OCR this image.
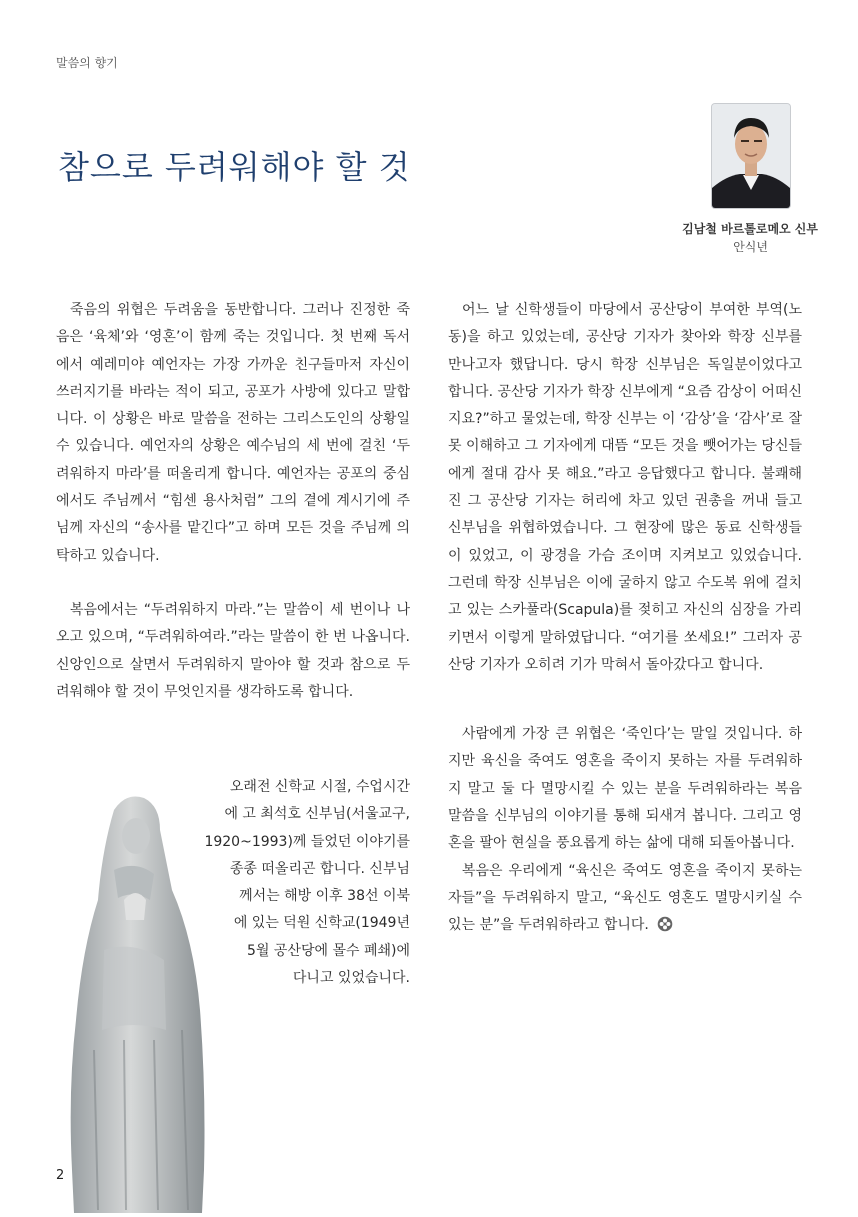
말씀의 향기
참으로 두려워해야 할 것
김남철 바르톨로메오 신부
안식년

죽음의 위협은 두려움을 동반합니다. 그러나 진정한 죽음은 ‘육체’와 ‘영혼’이 함께 죽는 것입니다. 첫 번째 독서에서 예레미야 예언자는 가장 가까운 친구들마저 자신이 쓰러지기를 바라는 적이 되고, 공포가 사방에 있다고 말합니다. 이 상황은 바로 말씀을 전하는 그리스도인의 상황일 수 있습니다. 예언자의 상황은 예수님의 세 번에 걸친 ‘두려워하지 마라’를 떠올리게 합니다. 예언자는 공포의 중심에서도 주님께서 “힘센 용사처럼” 그의 곁에 계시기에 주님께 자신의 “송사를 맡긴다”고 하며 모든 것을 주님께 의탁하고 있습니다.

복음에서는 “두려워하지 마라.”는 말씀이 세 번이나 나오고 있으며, “두려워하여라.”라는 말씀이 한 번 나옵니다. 신앙인으로 살면서 두려워하지 말아야 할 것과 참으로 두려워해야 할 것이 무엇인지를 생각하도록 합니다.

오래전 신학교 시절, 수업시간
에 고 최석호 신부님(서울교구,
1920~1993)께 들었던 이야기를
종종 떠올리곤 합니다. 신부님
께서는 해방 이후 38선 이북
에 있는 덕원 신학교(1949년
5월 공산당에 몰수 폐쇄)에
다니고 있었습니다.

어느 날 신학생들이 마당에서 공산당이 부여한 부역(노동)을 하고 있었는데, 공산당 기자가 찾아와 학장 신부를 만나고자 했답니다. 당시 학장 신부님은 독일분이었다고 합니다. 공산당 기자가 학장 신부에게 “요즘 감상이 어떠신지요?”하고 물었는데, 학장 신부는 이 ‘감상’을 ‘감사’로 잘못 이해하고 그 기자에게 대뜸 “모든 것을 뺏어가는 당신들에게 절대 감사 못 해요.”라고 응답했다고 합니다. 불쾌해진 그 공산당 기자는 허리에 차고 있던 권총을 꺼내 들고 신부님을 위협하였습니다. 그 현장에 많은 동료 신학생들이 있었고, 이 광경을 가슴 조이며 지켜보고 있었습니다. 그런데 학장 신부님은 이에 굴하지 않고 수도복 위에 걸치고 있는 스카풀라(Scapula)를 젖히고 자신의 심장을 가리키면서 이렇게 말하였답니다. “여기를 쏘세요!” 그러자 공산당 기자가 오히려 기가 막혀서 돌아갔다고 합니다.

사람에게 가장 큰 위협은 ‘죽인다’는 말일 것입니다. 하지만 육신을 죽여도 영혼을 죽이지 못하는 자를 두려워하지 말고 둘 다 멸망시킬 수 있는 분을 두려워하라는 복음 말씀을 신부님의 이야기를 통해 되새겨 봅니다. 그리고 영혼을 팔아 현실을 풍요롭게 하는 삶에 대해 되돌아봅니다.

복음은 우리에게 “육신은 죽여도 영혼을 죽이지 못하는 자들”을 두려워하지 말고, “육신도 영혼도 멸망시키실 수 있는 분”을 두려워하라고 합니다.

2
